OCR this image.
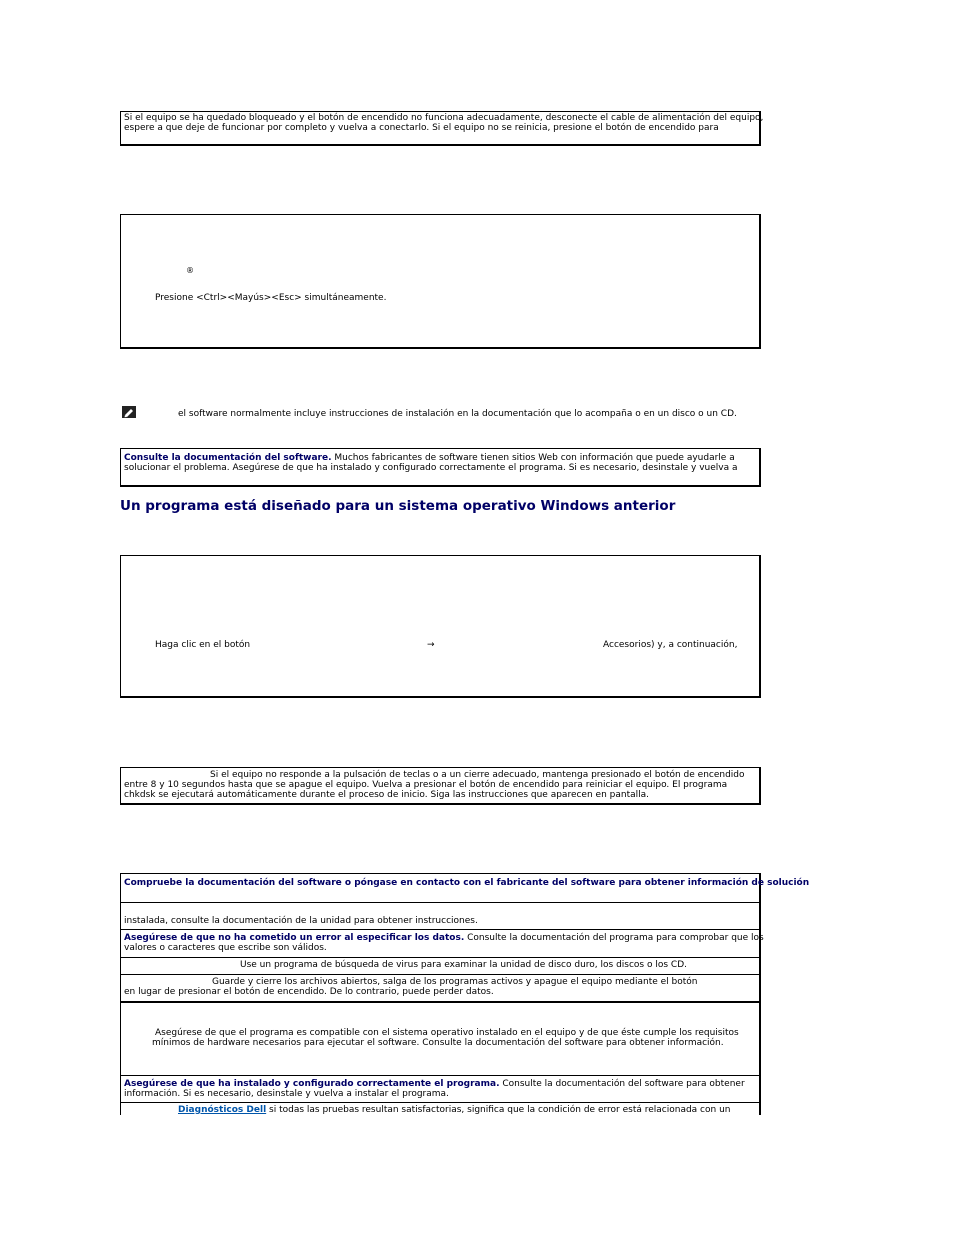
Si el equipo se ha quedado bloqueado y el botón de encendido no funciona adecuadamente, desconecte el cable de alimentación del equipo,
espere a que deje de funcionar por completo y vuelva a conectarlo. Si el equipo no se reinicia, presione el botón de encendido para
®
Presione <Ctrl><Mayús><Esc> simultáneamente.
el software normalmente incluye instrucciones de instalación en la documentación que lo acompaña o en un disco o un CD.
Consulte la documentación del software. Muchos fabricantes de software tienen sitios Web con información que puede ayudarle a
solucionar el problema. Asegúrese de que ha instalado y configurado correctamente el programa. Si es necesario, desinstale y vuelva a
Un programa está diseñado para un sistema operativo Windows anterior
Haga clic en el botón	→	Accesorios) y, a continuación,
Si el equipo no responde a la pulsación de teclas o a un cierre adecuado, mantenga presionado el botón de encendido
entre 8 y 10 segundos hasta que se apague el equipo. Vuelva a presionar el botón de encendido para reiniciar el equipo. El programa
chkdsk se ejecutará automáticamente durante el proceso de inicio. Siga las instrucciones que aparecen en pantalla.
Compruebe la documentación del software o póngase en contacto con el fabricante del software para obtener información de solución
instalada, consulte la documentación de la unidad para obtener instrucciones.
Asegúrese de que no ha cometido un error al especificar los datos. Consulte la documentación del programa para comprobar que los
valores o caracteres que escribe son válidos.
Use un programa de búsqueda de virus para examinar la unidad de disco duro, los discos o los CD.
Guarde y cierre los archivos abiertos, salga de los programas activos y apague el equipo mediante el botón
en lugar de presionar el botón de encendido. De lo contrario, puede perder datos.
Asegúrese de que el programa es compatible con el sistema operativo instalado en el equipo y de que éste cumple los requisitos
mínimos de hardware necesarios para ejecutar el software. Consulte la documentación del software para obtener información.
Asegúrese de que ha instalado y configurado correctamente el programa. Consulte la documentación del software para obtener
información. Si es necesario, desinstale y vuelva a instalar el programa.
Diagnósticos Dell si todas las pruebas resultan satisfactorias, significa que la condición de error está relacionada con un
